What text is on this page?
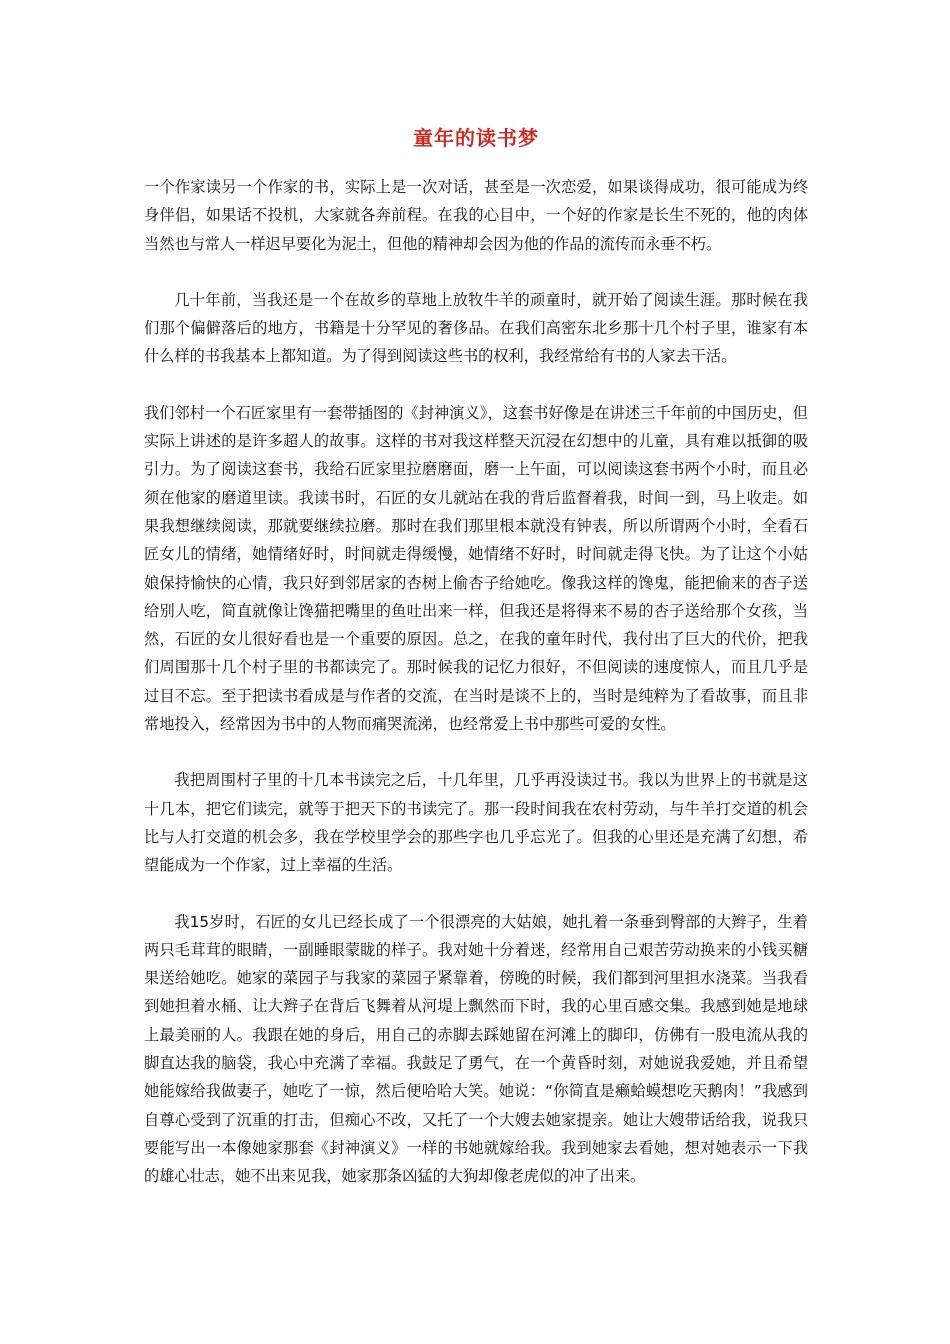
童年的读书梦

一个作家读另一个作家的书，实际上是一次对话，甚至是一次恋爱，如果谈得成功，很可能成为终身伴侣，如果话不投机，大家就各奔前程。在我的心目中，一个好的作家是长生不死的，他的肉体当然也与常人一样迟早要化为泥土，但他的精神却会因为他的作品的流传而永垂不朽。

几十年前，当我还是一个在故乡的草地上放牧牛羊的顽童时，就开始了阅读生涯。那时候在我们那个偏僻落后的地方，书籍是十分罕见的奢侈品。在我们高密东北乡那十几个村子里，谁家有本什么样的书我基本上都知道。为了得到阅读这些书的权利，我经常给有书的人家去干活。

我们邻村一个石匠家里有一套带插图的《封神演义》，这套书好像是在讲述三千年前的中国历史，但实际上讲述的是许多超人的故事。这样的书对我这样整天沉浸在幻想中的儿童，具有难以抵御的吸引力。为了阅读这套书，我给石匠家里拉磨磨面，磨一上午面，可以阅读这套书两个小时，而且必须在他家的磨道里读。我读书时，石匠的女儿就站在我的背后监督着我，时间一到，马上收走。如果我想继续阅读，那就要继续拉磨。那时在我们那里根本就没有钟表，所以所谓两个小时，全看石匠女儿的情绪，她情绪好时，时间就走得缓慢，她情绪不好时，时间就走得飞快。为了让这个小姑娘保持愉快的心情，我只好到邻居家的杏树上偷杏子给她吃。像我这样的馋鬼，能把偷来的杏子送给别人吃，简直就像让馋猫把嘴里的鱼吐出来一样，但我还是将得来不易的杏子送给那个女孩，当然，石匠的女儿很好看也是一个重要的原因。总之，在我的童年时代，我付出了巨大的代价，把我们周围那十几个村子里的书都读完了。那时候我的记忆力很好，不但阅读的速度惊人，而且几乎是过目不忘。至于把读书看成是与作者的交流，在当时是谈不上的，当时是纯粹为了看故事，而且非常地投入，经常因为书中的人物而痛哭流涕，也经常爱上书中那些可爱的女性。

我把周围村子里的十几本书读完之后，十几年里，几乎再没读过书。我以为世界上的书就是这十几本，把它们读完，就等于把天下的书读完了。那一段时间我在农村劳动，与牛羊打交道的机会比与人打交道的机会多，我在学校里学会的那些字也几乎忘光了。但我的心里还是充满了幻想，希望能成为一个作家，过上幸福的生活。

我15岁时，石匠的女儿已经长成了一个很漂亮的大姑娘，她扎着一条垂到臀部的大辫子，生着两只毛茸茸的眼睛，一副睡眼蒙眬的样子。我对她十分着迷，经常用自己艰苦劳动换来的小钱买糖果送给她吃。她家的菜园子与我家的菜园子紧靠着，傍晚的时候，我们都到河里担水浇菜。当我看到她担着水桶、让大辫子在背后飞舞着从河堤上飘然而下时，我的心里百感交集。我感到她是地球上最美丽的人。我跟在她的身后，用自己的赤脚去踩她留在河滩上的脚印，仿佛有一股电流从我的脚直达我的脑袋，我心中充满了幸福。我鼓足了勇气，在一个黄昏时刻，对她说我爱她，并且希望她能嫁给我做妻子，她吃了一惊，然后便哈哈大笑。她说：“你简直是癞蛤蟆想吃天鹅肉！”我感到自尊心受到了沉重的打击，但痴心不改，又托了一个大嫂去她家提亲。她让大嫂带话给我，说我只要能写出一本像她家那套《封神演义》一样的书她就嫁给我。我到她家去看她，想对她表示一下我的雄心壮志，她不出来见我，她家那条凶猛的大狗却像老虎似的冲了出来。
